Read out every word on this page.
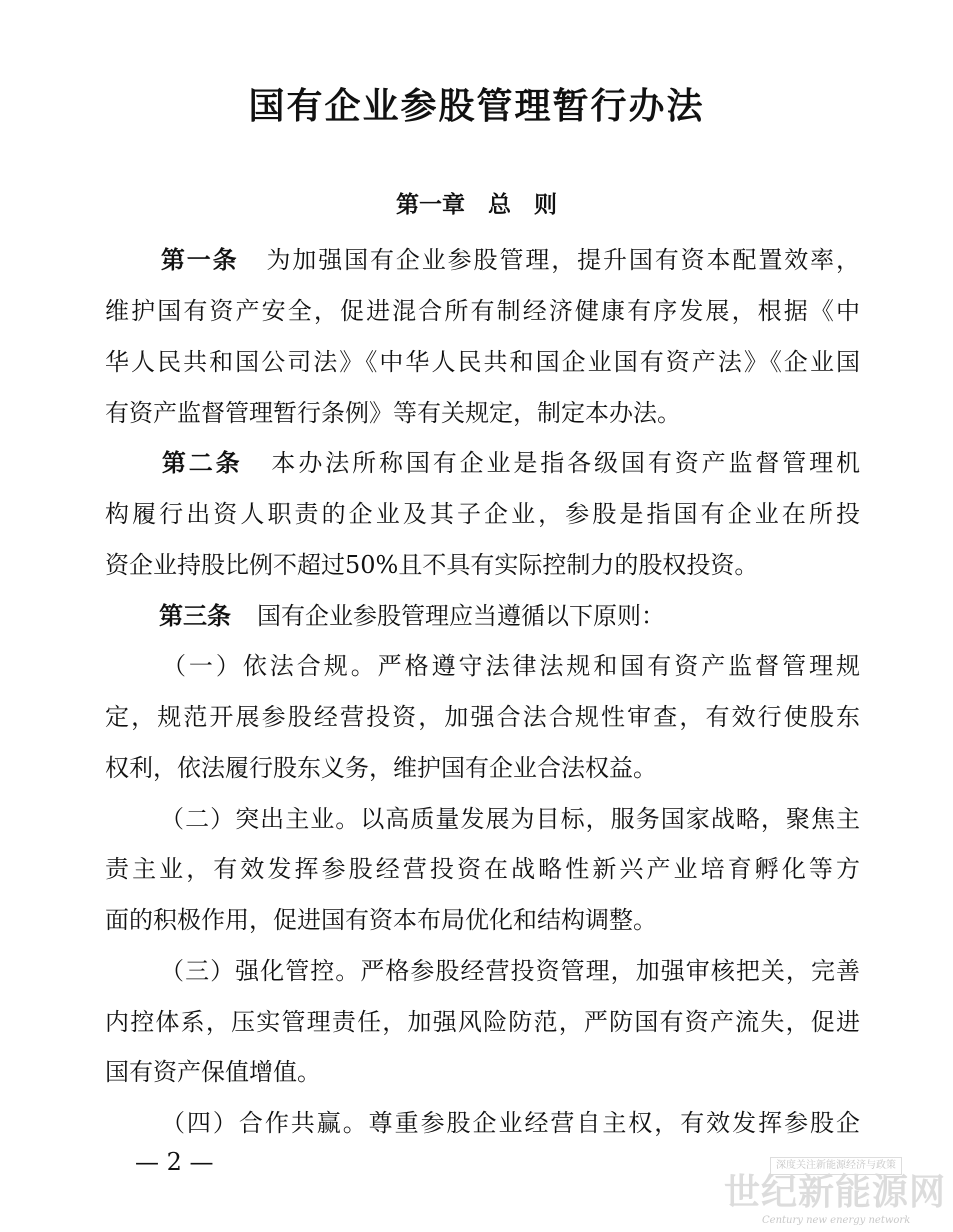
国有企业参股管理暂行办法
第一章　总　则
第一条 为加强国有企业参股管理，提升国有资本配置效率，
维护国有资产安全，促进混合所有制经济健康有序发展，根据《中
华人民共和国公司法》《中华人民共和国企业国有资产法》《企业国
有资产监督管理暂行条例》等有关规定，制定本办法。
第二条 本办法所称国有企业是指各级国有资产监督管理机
构履行出资人职责的企业及其子企业，参股是指国有企业在所投
资企业持股比例不超过50%且不具有实际控制力的股权投资。
第三条 国有企业参股管理应当遵循以下原则：
（一）依法合规。严格遵守法律法规和国有资产监督管理规
定，规范开展参股经营投资，加强合法合规性审查，有效行使股东
权利，依法履行股东义务，维护国有企业合法权益。
（二）突出主业。以高质量发展为目标，服务国家战略，聚焦主
责主业，有效发挥参股经营投资在战略性新兴产业培育孵化等方
面的积极作用，促进国有资本布局优化和结构调整。
（三）强化管控。严格参股经营投资管理，加强审核把关，完善
内控体系，压实管理责任，加强风险防范，严防国有资产流失，促进
国有资产保值增值。
（四）合作共赢。尊重参股企业经营自主权，有效发挥参股企
— 2 —	深度关注新能源经济与政策
世纪新能源网
Century new energy network
